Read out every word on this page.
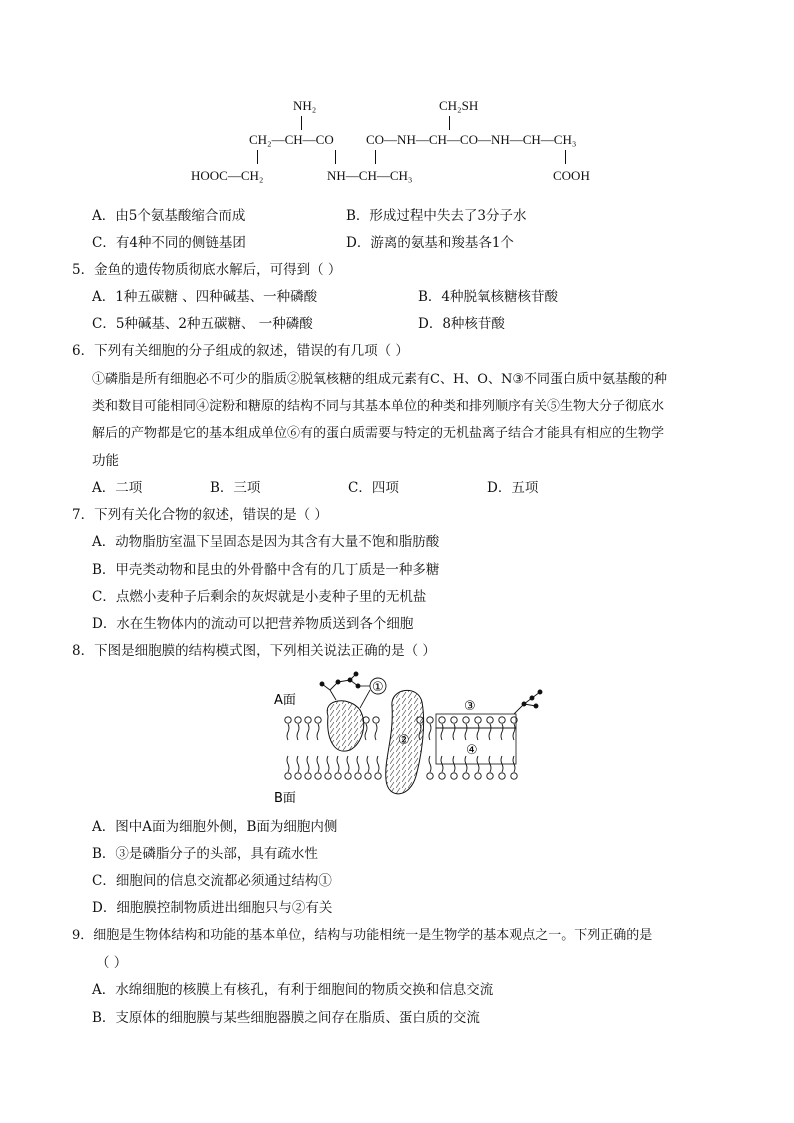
NH₂	CH₂SH
CH₂—CH—CO CO—NH—CH—CO—NH—CH—CH₃
HOOC—CH₂	NH—CH—CH₃	COOH
A．由5个氨基酸缩合而成	B．形成过程中失去了3分子水
C．有4种不同的侧链基团	D．游离的氨基和羧基各1个
5．金鱼的遗传物质彻底水解后，可得到（ ）
A．1种五碳糖 、四种碱基、一种磷酸	B．4种脱氧核糖核苷酸
C．5种碱基、2种五碳糖、 一种磷酸	D．8种核苷酸
6．下列有关细胞的分子组成的叙述，错误的有几项（ ）
①磷脂是所有细胞必不可少的脂质②脱氧核糖的组成元素有C、H、O、N③不同蛋白质中氨基酸的种
类和数目可能相同④淀粉和糖原的结构不同与其基本单位的种类和排列顺序有关⑤生物大分子彻底水
解后的产物都是它的基本组成单位⑥有的蛋白质需要与特定的无机盐离子结合才能具有相应的生物学
功能
A．二项	B．三项	C．四项	D．五项
7．下列有关化合物的叙述，错误的是（ ）
A．动物脂肪室温下呈固态是因为其含有大量不饱和脂肪酸
B．甲壳类动物和昆虫的外骨骼中含有的几丁质是一种多糖
C．点燃小麦种子后剩余的灰烬就是小麦种子里的无机盐
D．水在生物体内的流动可以把营养物质送到各个细胞
8．下图是细胞膜的结构模式图，下列相关说法正确的是（ ）
A面
B面
①
②
③
④
A．图中A面为细胞外侧，B面为细胞内侧
B．③是磷脂分子的头部，具有疏水性
C．细胞间的信息交流都必须通过结构①
D．细胞膜控制物质进出细胞只与②有关
9．细胞是生物体结构和功能的基本单位，结构与功能相统一是生物学的基本观点之一。下列正确的是
（ ）
A．水绵细胞的核膜上有核孔，有利于细胞间的物质交换和信息交流
B．支原体的细胞膜与某些细胞器膜之间存在脂质、蛋白质的交流
